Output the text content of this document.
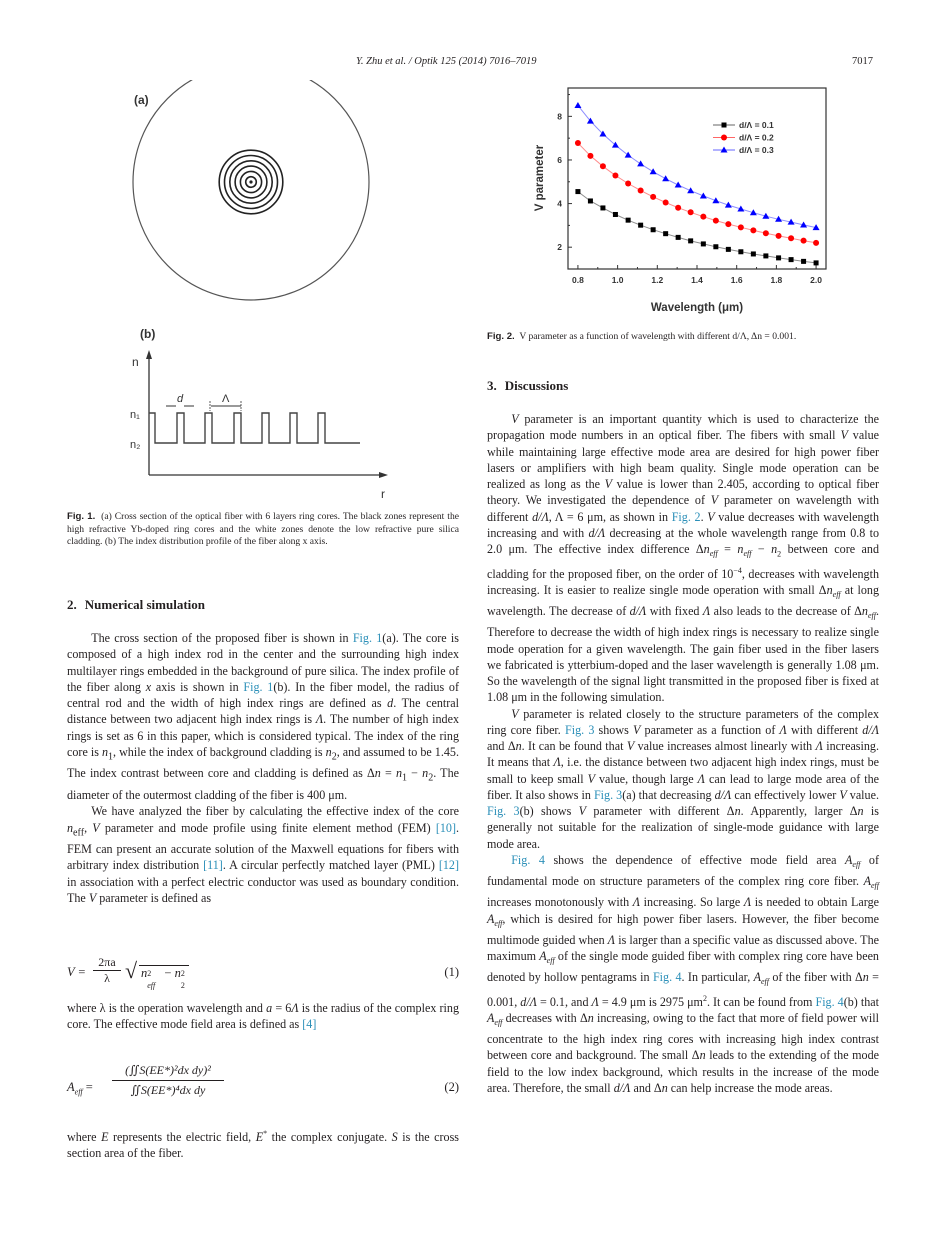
Y. Zhu et al. / Optik 125 (2014) 7016–7019	7017
(a)
(b)
n
r
n₁
n₂
d	Λ
Fig. 1. (a) Cross section of the optical fiber with 6 layers ring cores. The black zones represent the high refractive Yb-doped ring cores and the white zones denote the low refractive pure silica cladding. (b) The index distribution profile of the fiber along x axis.
2. Numerical simulation

The cross section of the proposed fiber is shown in Fig. 1(a). The core is composed of a high index rod in the center and the surrounding high index multilayer rings embedded in the background of pure silica. The index profile of the fiber along x axis is shown in Fig. 1(b). In the fiber model, the radius of central rod and the width of high index rings are defined as d. The central distance between two adjacent high index rings is Λ. The number of high index rings is set as 6 in this paper, which is considered typical. The index of the ring core is $n_1$, while the index of background cladding is $n_2$, and assumed to be 1.45. The index contrast between core and cladding is defined as $\Delta n = n_1 - n_2$. The diameter of the outermost cladding of the fiber is 400 μm.

We have analyzed the fiber by calculating the effective index of the core $n_{eff}$, V parameter and mode profile using finite element method (FEM) [10]. FEM can present an accurate solution of the Maxwell equations for fibers with arbitrary index distribution [11]. A circular perfectly matched layer (PML) [12] in association with a perfect electric conductor was used as boundary condition. The V parameter is defined as

$V = \frac{2\pi a}{\lambda}$ √ n 2
eff
− n 2
2
(1)

where λ is the operation wavelength and a = 6Λ is the radius of the complex ring core. The effective mode field area is defined as [4]

$A_{eff} = \frac{\text{(∬S(EE*)²dx dy)²}}{\text{∬S(EE*)⁴dx dy}}$	(2)

where E represents the electric field, E* the complex conjugate. S is the cross section area of the fiber.

0.8	1.0	1.2	1.4	1.6	1.8	2.0
2
4
6
8
d/Λ = 0.1
d/Λ = 0.2
d/Λ = 0.3
Wavelength (μm)
V parameter
Fig. 2. V parameter as a function of wavelength with different d/Λ, Δn = 0.001.
3. Discussions

V parameter is an important quantity which is used to characterize the propagation mode numbers in an optical fiber. The fibers with small V value while maintaining large effective mode area are desired for high power fiber lasers or amplifiers with high beam quality. Single mode operation can be realized as long as the V value is lower than 2.405, according to optical fiber theory. We investigated the dependence of V parameter on wavelength with different d/Λ, Λ = 6 μm, as shown in Fig. 2. V value decreases with wavelength increasing and with d/Λ decreasing at the whole wavelength range from 0.8 to 2.0 μm. The effective index difference $\Delta n_{eff} = n_{eff} - n_2$ between core and cladding for the proposed fiber, on the order of $10^{-4}$, decreases with wavelength increasing. It is easier to realize single mode operation with small $\Delta n_{eff}$ at long wavelength. The decrease of d/Λ with fixed Λ also leads to the decrease of $\Delta n_{eff}$. Therefore to decrease the width of high index rings is necessary to realize single mode operation for a given wavelength. The gain fiber used in the fiber lasers we fabricated is ytterbium-doped and the laser wavelength is generally 1.08 μm. So the wavelength of the signal light transmitted in the proposed fiber is fixed at 1.08 μm in the following simulation.

V parameter is related closely to the structure parameters of the complex ring core fiber. Fig. 3 shows V parameter as a function of Λ with different d/Λ and Δn. It can be found that V value increases almost linearly with Λ increasing. It means that Λ, i.e. the distance between two adjacent high index rings, must be small to keep small V value, though large Λ can lead to large mode area of the fiber. It also shows in Fig. 3(a) that decreasing d/Λ can effectively lower V value. Fig. 3(b) shows V parameter with different Δn. Apparently, larger Δn is generally not suitable for the realization of single-mode guidance with large mode area.

Fig. 4 shows the dependence of effective mode field area $A_{eff}$ of fundamental mode on structure parameters of the complex ring core fiber. $A_{eff}$ increases monotonously with Λ increasing. So large Λ is needed to obtain Large $A_{eff}$, which is desired for high power fiber lasers. However, the fiber become multimode guided when Λ is larger than a specific value as discussed above. The maximum $A_{eff}$ of the single mode guided fiber with complex ring core have been denoted by hollow pentagrams in Fig. 4. In particular, $A_{eff}$ of the fiber with Δn = 0.001, d/Λ = 0.1, and Λ = 4.9 μm is 2975 $\mu m^2$. It can be found from Fig. 4(b) that $A_{eff}$ decreases with Δn increasing, owing to the fact that more of field power will concentrate to the high index ring cores with increasing high index contrast between core and background. The small Δn leads to the extending of the mode field to the low index background, which results in the increase of the mode area. Therefore, the small d/Λ and Δn can help increase the mode areas.
